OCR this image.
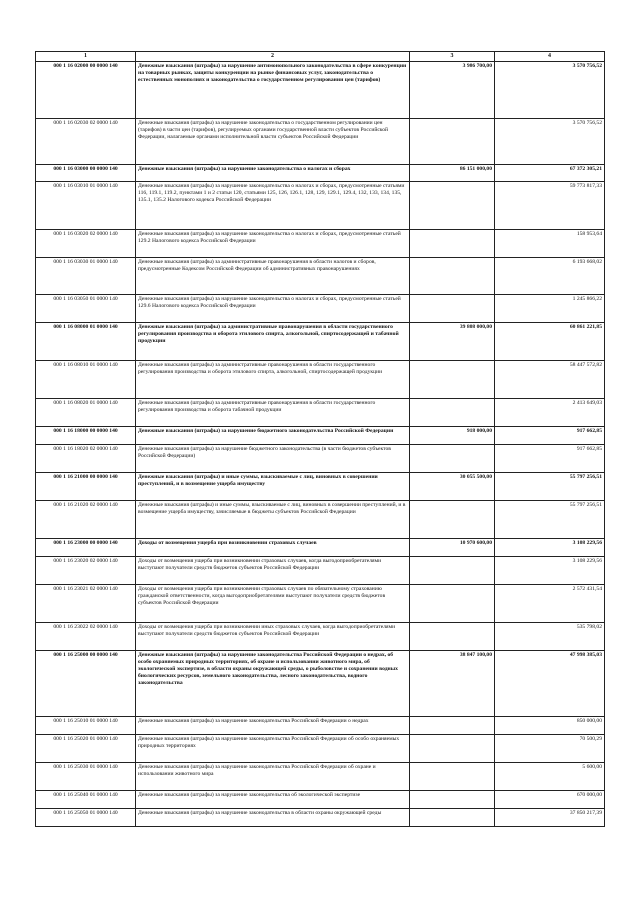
1	2	3	4
000 1 16 02000 00 0000 140	Денежные взыскания (штрафы) за нарушение антимонопольного законодательства в сфере конкуренции на товарных рынках, защиты конкуренции на рынке финансовых услуг, законодательства о естественных монополиях и законодательства о государственном регулировании цен (тарифов)	3 986 700,00	3 570 756,52
000 1 16 02030 02 0000 140	Денежные взыскания (штрафы) за нарушение законодательства о государственном регулировании цен (тарифов) в части цен (тарифов), регулируемых органами государственной власти субъектов Российской Федерации, налагаемые органами исполнительной власти субъектов Российской Федерации		3 570 756,52
000 1 16 03000 00 0000 140	Денежные взыскания (штрафы) за нарушение законодательства о налогах и сборах	86 151 000,00	67 372 305,21
000 1 16 03010 01 0000 140	Денежные взыскания (штрафы) за нарушение законодательства о налогах и сборах, предусмотренные статьями 116, 119.1, 119.2, пунктами 1 и 2 статьи 120, статьями 125, 126, 126.1, 128, 129, 129.1, 129.4, 132, 133, 134, 135, 135.1, 135.2 Налогового кодекса Российской Федерации		59 773 817,33
000 1 16 03020 02 0000 140	Денежные взыскания (штрафы) за нарушение законодательства о налогах и сборах, предусмотренные статьей 129.2 Налогового кодекса Российской Федерации		158 953,64
000 1 16 03030 01 0000 140	Денежные взыскания (штрафы) за административные правонарушения в области налогов и сборов, предусмотренные Кодексом Российской Федерации об административных правонарушениях		6 193 668,02
000 1 16 03050 01 0000 140	Денежные взыскания (штрафы) за нарушение законодательства о налогах и сборах, предусмотренные статьей 129.6 Налогового кодекса Российской Федерации		1 245 866,22
000 1 16 08000 01 0000 140	Денежные взыскания (штрафы) за административные правонарушения в области государственного регулирования производства и оборота этилового спирта, алкогольной, спиртосодержащей и табачной продукции	39 808 000,00	60 861 221,85
000 1 16 08010 01 0000 140	Денежные взыскания (штрафы) за административные правонарушения в области государственного регулирования производства и оборота этилового спирта, алкогольной, спиртосодержащей продукции		58 447 572,82
000 1 16 08020 01 0000 140	Денежные взыскания (штрафы) за административные правонарушения в области государственного регулирования производства и оборота табачной продукции		2 413 649,03
000 1 16 18000 00 0000 140	Денежные взыскания (штрафы) за нарушение бюджетного законодательства Российской Федерации	918 000,00	917 662,85
000 1 16 18020 02 0000 140	Денежные взыскания (штрафы) за нарушение бюджетного законодательства (в части бюджетов субъектов Российской Федерации)		917 662,85
000 1 16 21000 00 0000 140	Денежные взыскания (штрафы) и иные суммы, взыскиваемые с лиц, виновных в совершении преступлений, и в возмещение ущерба имуществу	30 055 500,00	55 797 256,51
000 1 16 21020 02 0000 140	Денежные взыскания (штрафы) и иные суммы, взыскиваемые с лиц, виновных в совершении преступлений, и в возмещение ущерба имуществу, зачисляемые в бюджеты субъектов Российской Федерации		55 797 256,51
000 1 16 23000 00 0000 140	Доходы от возмещения ущерба при возникновении страховых случаев	10 970 600,00	3 108 229,56
000 1 16 23020 02 0000 140	Доходы от возмещения ущерба при возникновении страховых случаев, когда выгодоприобретателями выступают получатели средств бюджетов субъектов Российской Федерации		3 108 229,56
000 1 16 23021 02 0000 140	Доходы от возмещения ущерба при возникновении страховых случаев по обязательному страхованию гражданской ответственности, когда выгодоприобретателями выступают получатели средств бюджетов субъектов Российской Федерации		2 572 431,54
000 1 16 23022 02 0000 140	Доходы от возмещения ущерба при возникновении иных страховых случаев, когда выгодоприобретателями выступают получатели средств бюджетов субъектов Российской Федерации		535 798,02
000 1 16 25000 00 0000 140	Денежные взыскания (штрафы) за нарушение законодательства Российской Федерации о недрах, об особо охраняемых природных территориях, об охране и использовании животного мира, об экологической экспертизе, в области охраны окружающей среды, о рыболовстве и сохранении водных биологических ресурсов, земельного законодательства, лесного законодательства, водного законодательства	38 847 100,00	47 998 385,03
000 1 16 25010 01 0000 140	Денежные взыскания (штрафы) за нарушение законодательства Российской Федерации о недрах		850 000,00
000 1 16 25020 01 0000 140	Денежные взыскания (штрафы) за нарушение законодательства Российской Федерации об особо охраняемых природных территориях		70 500,29
000 1 16 25030 01 0000 140	Денежные взыскания (штрафы) за нарушение законодательства Российской Федерации об охране и использовании животного мира		5 600,00
000 1 16 25040 01 0000 140	Денежные взыскания (штрафы) за нарушение законодательства об экологической экспертизе		670 000,00
000 1 16 25050 01 0000 140	Денежные взыскания (штрафы) за нарушение законодательства в области охраны окружающей среды		37 850 217,39
